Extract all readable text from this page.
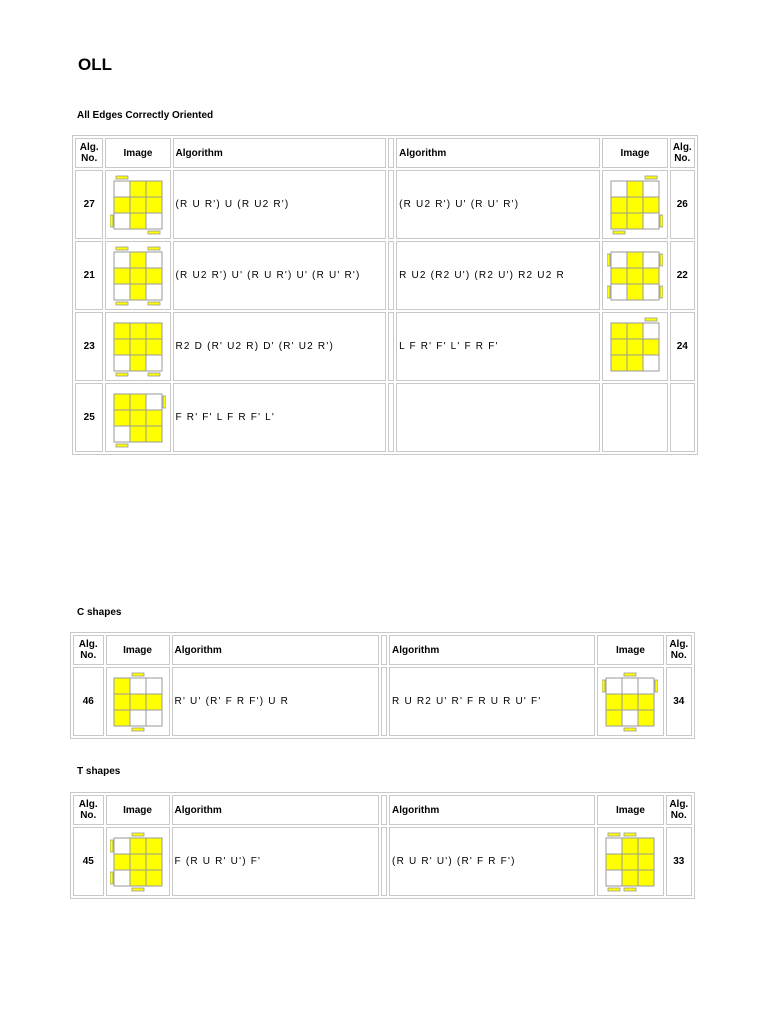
OLL
All Edges Correctly Oriented
Alg. No.	Image	Algorithm		Algorithm	Image	Alg. No.
27		(R U R') U (R U2 R')		(R U2 R') U' (R U' R')		26
21		(R U2 R') U' (R U R') U' (R U' R')		R U2 (R2 U') (R2 U') R2 U2 R		22
23		R2 D (R' U2 R) D' (R' U2 R')		L F R' F' L' F R F'		24
25		F R' F' L F R F' L'				
C shapes
Alg. No.	Image	Algorithm		Algorithm	Image	Alg. No.
46		R' U' (R' F R F') U R		R U R2 U' R' F R U R U' F'		34
T shapes
Alg. No.	Image	Algorithm		Algorithm	Image	Alg. No.
45		F (R U R' U') F'		(R U R' U') (R' F R F')		33
